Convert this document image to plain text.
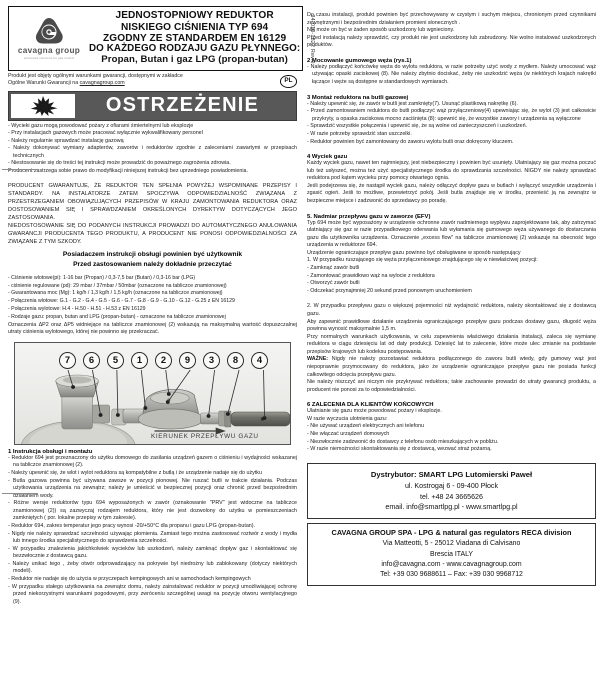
cavagna group
enhanced solutions for gas control
JEDNOSTOPNIOWY REDUKTOR
NISKIEGO CIŚNIENIA TYP 694
ZGODNY ZE STANDARDEM EN 16129
DO KAŻDEGO RODZAJU GAZU PŁYNNEGO:
Propan, Butan i gaz LPG (propan-butan)	34-010-1822 Rev.0
Produkt jest objęty ogólnymi warunkami gwarancji, dostępnymi w zakładce
Ogólne Warunki Gwarancji na cavagnagroup.com	PL
OSTRZEŻENIE
- Wycieki gazu mogą powodować pożary z ofiarami śmiertelnymi lub eksplozje
- Przy instalacjach gazowych może pracować wyłącznie wykwalifikowany personel
- Należy regularnie sprawdzać instalację gazową
- Należy dokonywać wymiany adapterów, zaworów i reduktorów zgodnie z zaleceniami zawartymi w przepisach technicznych
- Niestosowanie się do treści tej instrukcji może prowadzić do poważnego zagrożenia zdrowia.
Producent zastrzega sobie prawo do modyfikacji niniejszej instrukcji bez uprzedniego powiadomienia.
PRODUCENT GWARANTUJE, ŻE REDUKTOR TEN SPEŁNIA POWYŻEJ WSPOMINANE PRZEPISY I STANDARDY. NA INSTALATORZE ZATEM SPOCZYWA ODPOWIEDZIALNOŚĆ ZWIĄZANA Z PRZESTRZEGANIEM OBOWIĄZUJĄCYCH PRZEPISÓW W KRAJU ZAMONTOWANIA REDUKTORA ORAZ DOSTOSOWANIEM SIĘ I SPRAWDZANIEM OKREŚLONYCH DYREKTYW DOTYCZĄCYCH JEGO ZASTOSOWANIA.
NIEDOSTOSOWANIE SIĘ DO PODANYCH INSTRUKCJI PROWADZI DO AUTOMATYCZNEGO ANULOWANIA GWARANCJI PRODUCENTA TEGO PRODUKTU, A PRODUCENT NIE PONOSI ODPOWIEDZIALNOŚCI ZA ZWIĄZANE Z TYM SZKODY.
Posiadaczem instrukcji obsługi powinien być użytkownik
Przed zastosowaniem należy dokładnie przeczytać
- Ciśnienie wlotowe(pi): 1-16 bar (Propan) / 0,3-7,5 bar (Butan) / 0,3-16 bar (LPG)
- ciśnienie regulowane (pd): 29 mbar / 37mbar / 50mbar (oznaczone na tabliczce znamionowej)
- Gwarantowana moc (Mg): 1 kg/h / 1,3 kg/h / 1,5 kg/h (oznaczone na tabliczce znamionowej)
- Połączenia wlotowe: G.1 - G.2 - G.4 - G.5 - G.6 - G.7 - G.8 - G.9 - G.10 - G.12 - G.25 z EN 16129
- Połączenia wylotowe: H.4 - H.50 - H.51 - H.53 z EN 16129
- Rodzaje gazu: propan, butan and LPG (propan-butan) - oznaczone na tabliczce znamionowej
Oznaczenia ΔP2 oraz ΔP5 widniejące na tabliczce znamionowej (2) wskazują na maksymalną wartość dopuszczalnej utraty ciśnienia wylotowego, której nie powinno się przekraczać.
7	6	5	1	2	9	3	8	4
KIERUNEK PRZEPŁYWU GAZU
1 Instrukcja obsługi i montażu
- Reduktor 694 jest przeznaczony do użytku domowego do zasilania urządzeń gazem o ciśnieniu i wydajności wskazanej na tabliczce znamionowej (2).
- Należy upewnić się, że wlot i wylot reduktora są kompatybilne z butlą i że urządzenie nadaje się do użytku
- Butla gazowa powinna być używana zawsze w pozycji pionowej. Nie ruszać butli w trakcie działania. Podczas użytkowania urządzenia na zewnątrz; należy je umieścić w bezpiecznej pozycji oraz chronić przed bezpośrednim działaniem wody.
- Różne wersje reduktorów typu 694 wyposażonych w zawór (oznakowanie "PRV" jest widoczne na tabliczce znamionowej (2)) są zazwyczaj rodzajem reduktora, który nie jest dozwolony do użytku w pomieszczeniach zamkniętych ( por. lokalne przepisy w tym zakresie).
- Reduktor 694, zakres temperatur jego pracy wynosi -20/+50°C dla propanu i gazu LPG (propan-butan).
- Nigdy nie należy sprawdzać szczelności używając płomienia. Zamiast tego można zastosować roztwór z wody i mydła lub innego środka specjalistycznego do sprawdzenia szczelności.
- W przypadku znalezienia jakichkolwiek wycieków lub uszkodzeń, należy zamknąć dopływ gaz i skontaktować się bezzwłocznie z dostawcą gazu.
- Należy unikać tego , żeby otwór odprowadzający na pokrywie był niedrożny lub zablokowany (dotyczy niektórych modeli).
- Reduktor nie nadaje się do użycia w przyczepach kempingowych ani w samochodach kempingowych
- W przypadku stałego użytkowania na zewnątrz domu, należy zainstalować reduktor w pozycji umożliwiającej ochronę przed niekorzystnymi warunkami pogodowymi, przy zwróceniu szczególnej uwagi na pozycję otworu wentylacyjnego (9).
Do czasu instalacji, produkt powinien być przechowywany w czystym i suchym miejscu, chronionym przed czynnikami zewnętrznymi i bezpośrednim działaniem promieni słonecznych .
Nie może on być w żaden sposób uszkodzony lub wgnieciony.
Przed instalacją należy sprawdzić, czy produkt nie jest uszkodzony lub zabrudzony. Nie wolno instalować uszkodzonych produktów.
2 Mocowanie gumowego węża (rys.1)
- Należy podłączyć końcówkę węża do wylotu reduktora, w razie potrzeby użyć wody z mydłem. Należy umocować wąż używając opaski zaciskowej (8). Nie należy zbytnio dociskać, żeby nie uszkodzić węża (w niektórych krajach nakrętki łączące i węże są dostępne w standardowych wymiarach.
3 Montaż reduktora na butli gazowej
- Należy upewnić się, że zawór w butli jest zamknięty(7). Usunąć plastikową nakrętkę (6).
- Przed zamontowaniem reduktora do butli podłączyć wąż przyłączeniowy(4) upewniając się, że wylot (3) jest całkowicie przykryty, a opaska zaciskowa mocno zaciśnięta (8): upewnić się, że wszystkie zawory i urządzenia są wyłączone
- Sprawdzić wszystkie połączenia i upewnić się, że są wolne od zanieczyszczeń i uszkodzeń.
- W razie potrzeby sprawdzić stan uszczelki.
- Reduktor powinien być zamontowany do zaworu wylotu butli oraz dokręcony kluczem.
4 Wyciek gazu
Każdy wyciek gazu, nawet ten najmniejszy, jest niebezpieczny i powinien być usunięty. Ulatniający się gaz można poczuć lub też usłyszeć, można też użyć specjalistycznego środka do sprawdzania szczelności. NIGDY nie należy sprawdzać reduktora pod kątem wycieku przy pomocy otwartego ognia.
Jeśli podejrzewa się, że nastąpił wyciek gazu, należy odłączyć dopływ gazu w butlach i wyłączyć wszystkie urządzenia i zgasić ogień. Jeśli to możliwe, przewietrzyć pokój. Jeśli butla znajduje się w środku, przenieść ją na zewnątrz w bezpieczne miejsce i zadzwonić do sprzedawcy po poradę.
5. Nadmiar przepływu gazu w zaworze (EFV)
Typ 694 może być wyposażony w urządzenie ochronne zawór nadmiernego wypływu zaprojektowane tak, aby zatrzymać ulatniający się gaz w razie przypadkowego oderwania lub wyłamania się gumowego węża używanego do dostarczania gazu dla użytkownika urządzenia. Oznaczenie „excess flow" na tabliczce znamionowej (2) wskazuje na obecność tego urządzenia w reduktorze 694.
Urządzenie ograniczające przepływ gazu powinno być obsługiwane w sposób następujący
1. W przypadku ruszającego się węża przyłączeniowego znajdującego się w niewłaściwej pozycji:
- Zamknąć zawór butli
- Zamontować prawidłowo wąż na wylocie z reduktora
- Otworzyć zawór butli
- Odczekać przynajmniej 20 sekund przed ponownym uruchomieniem
2. W przypadku przepływu gazu o większej pojemności niż wydajność reduktora, należy skontaktować się z dostawcą gazu.
Aby zapewnić prawidłowe działanie urządzenia ograniczającego przepływ gazu podczas dostawy gazu, długość węża powinna wynosić maksymalnie 1,5 m.
Przy normalnych warunkach użytkowania, w celu zapewnienia właściwego działania instalacji, zaleca się wymianę reduktora w ciągu dziesięciu lat od daty produkcji. Dziesięć lat to zalecenie, które może ulec zmianie na podstawie przepisów krajowych lub kodeksu postępowania.
WAŻNE: Nigdy nie należy pozostawiać reduktora podłączonego do zaworu butli wtedy, gdy gumowy wąż jest niepoprawnie przymocowany do reduktora, jako że urządzenie ograniczające przepływ gazu nie posiada funkcji całkowitego odcięcia przepływu gazu.
Nie należy niszczyć ani niczym nie przykrywać reduktora; takie zachowanie prowadzi do utraty gwarancji produktu, a producent nie ponosi za to odpowiedzialności.
6 ZALECENIA DLA KLIENTÓW KOŃCOWYCH
Ulatnianie się gazu może powodować pożary i eksplozje.
W razie wyczucia ulotnienia gazu:
- Nie używać urządzeń elektrycznych ani telefonu
- Nie włączać urządzeń domowych
- Niezwłocznie zadzwonić do dostawcy z telefonu osób mieszkających w pobliżu.
- W razie niemożności skontaktowania się z dostawcą, wezwać straż pożarną.
Dystrybutor: SMART LPG Lutomierski Paweł
ul. Kostrogaj 6 - 09-400 Płock
tel. +48 24 3665626
email. info@smartlpg.pl - www.smartlpg.pl
CAVAGNA GROUP SPA - LPG & natural gas regulators RECA division
Via Matteotti, 5 - 25012 Viadana di Calvisano
Brescia ITALY
info@cavagna.com - www.cavagnagroup.com
Tel: +39 030 9688611 – Fax: +39 030 9968712
